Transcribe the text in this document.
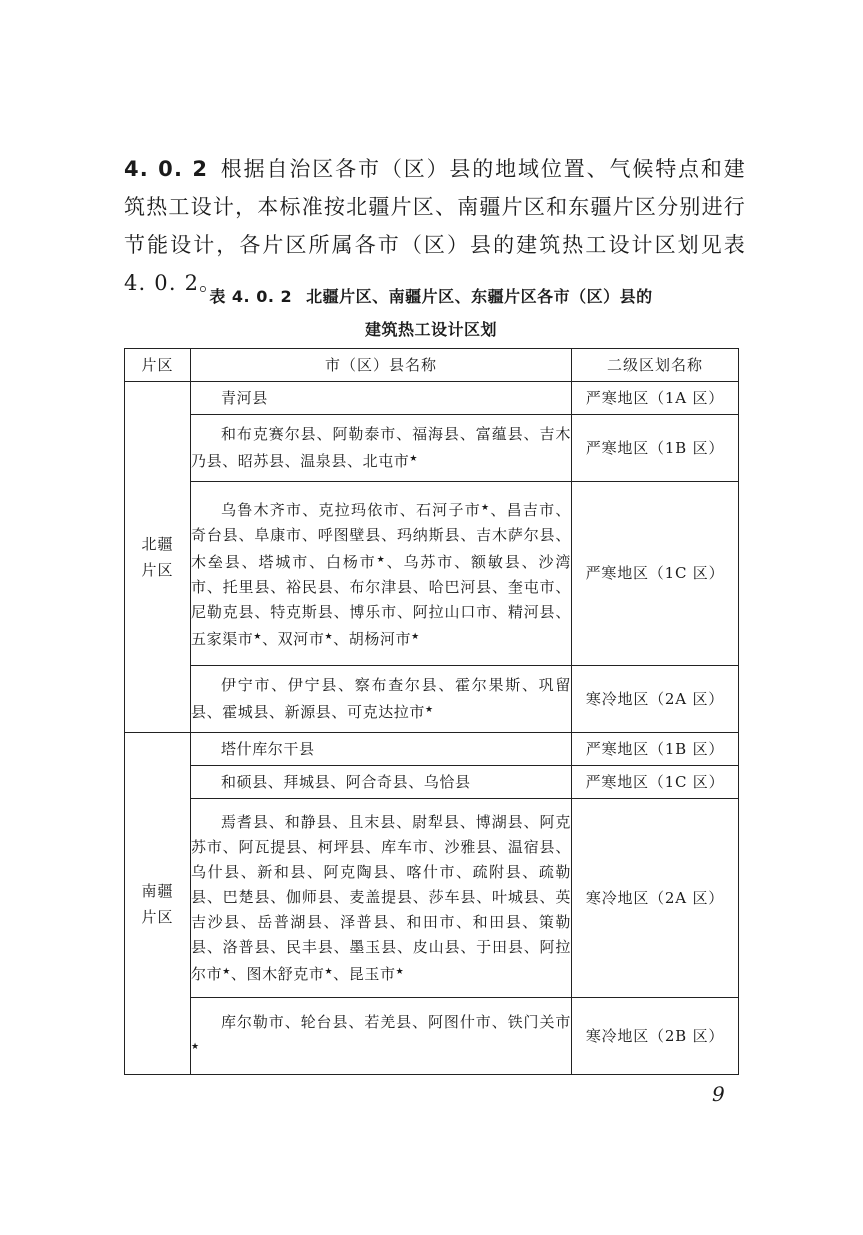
4. 0. 2 根据自治区各市（区）县的地域位置、气候特点和建筑热工设计，本标准按北疆片区、南疆片区和东疆片区分别进行节能设计，各片区所属各市（区）县的建筑热工设计区划见表 4. 0. 2。

表 4. 0. 2 北疆片区、南疆片区、东疆片区各市（区）县的

建筑热工设计区划

片区	市（区）县名称	二级区划名称
北疆
片区	青河县	严寒地区（1A 区）
	和布克赛尔县、阿勒泰市、福海县、富蕴县、吉木乃县、昭苏县、温泉县、北屯市★	严寒地区（1B 区）
	乌鲁木齐市、克拉玛依市、石河子市★、昌吉市、奇台县、阜康市、呼图壁县、玛纳斯县、吉木萨尔县、木垒县、塔城市、白杨市★、乌苏市、额敏县、沙湾市、托里县、裕民县、布尔津县、哈巴河县、奎屯市、尼勒克县、特克斯县、博乐市、阿拉山口市、精河县、五家渠市★、双河市★、胡杨河市★	严寒地区（1C 区）
	伊宁市、伊宁县、察布查尔县、霍尔果斯、巩留县、霍城县、新源县、可克达拉市★	寒冷地区（2A 区）
南疆
片区	塔什库尔干县	严寒地区（1B 区）
	和硕县、拜城县、阿合奇县、乌恰县	严寒地区（1C 区）
	焉耆县、和静县、且末县、尉犁县、博湖县、阿克苏市、阿瓦提县、柯坪县、库车市、沙雅县、温宿县、乌什县、新和县、阿克陶县、喀什市、疏附县、疏勒县、巴楚县、伽师县、麦盖提县、莎车县、叶城县、英吉沙县、岳普湖县、泽普县、和田市、和田县、策勒县、洛普县、民丰县、墨玉县、皮山县、于田县、阿拉尔市★、图木舒克市★、昆玉市★	寒冷地区（2A 区）
	库尔勒市、轮台县、若羌县、阿图什市、铁门关市★	寒冷地区（2B 区）

9
